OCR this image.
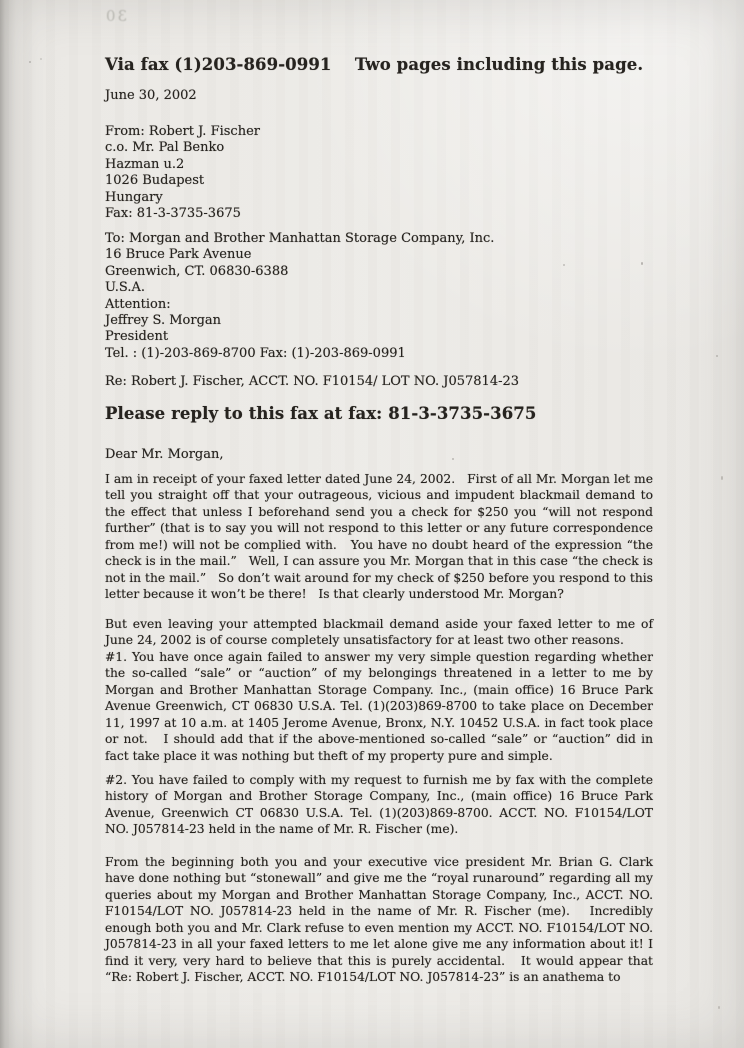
30
Via fax (1)203-869-0991    Two pages including this page.
June 30, 2002
From: Robert J. Fischer
c.o. Mr. Pal Benko
Hazman u.2
1026 Budapest
Hungary
Fax: 81-3-3735-3675
To: Morgan and Brother Manhattan Storage Company, Inc.
16 Bruce Park Avenue
Greenwich, CT. 06830-6388
U.S.A.
Attention:
Jeffrey S. Morgan
President
Tel. : (1)-203-869-8700 Fax: (1)-203-869-0991
Re: Robert J. Fischer, ACCT. NO. F10154/ LOT NO. J057814-23
Please reply to this fax at fax: 81-3-3735-3675
Dear Mr. Morgan,

I am in receipt of your faxed letter dated June 24, 2002.   First of all Mr. Morgan let me tell you straight off that your outrageous, vicious and impudent blackmail demand to the effect that unless I beforehand send you a check for $250 you “will not respond further” (that is to say you will not respond to this letter or any future correspondence from me!) will not be complied with.   You have no doubt heard of the expression “the check is in the mail.”   Well, I can assure you Mr. Morgan that in this case “the check is not in the mail.”   So don’t wait around for my check of $250 before you respond to this letter because it won’t be there!   Is that clearly understood Mr. Morgan?

But even leaving your attempted blackmail demand aside your faxed letter to me of June 24, 2002 is of course completely unsatisfactory for at least two other reasons.

#1. You have once again failed to answer my very simple question regarding whether the so-called “sale” or “auction” of my belongings threatened in a letter to me by Morgan and Brother Manhattan Storage Company. Inc., (main office) 16 Bruce Park Avenue Greenwich, CT 06830 U.S.A. Tel. (1)(203)869-8700 to take place on December 11, 1997 at 10 a.m. at 1405 Jerome Avenue, Bronx, N.Y. 10452 U.S.A. in fact took place or not.   I should add that if the above-mentioned so-called “sale” or “auction” did in fact take place it was nothing but theft of my property pure and simple.

#2. You have failed to comply with my request to furnish me by fax with the complete history of Morgan and Brother Storage Company, Inc., (main office) 16 Bruce Park Avenue, Greenwich CT 06830 U.S.A. Tel. (1)(203)869-8700. ACCT. NO. F10154/LOT NO. J057814-23 held in the name of Mr. R. Fischer (me).

From the beginning both you and your executive vice president Mr. Brian G. Clark have done nothing but “stonewall” and give me the “royal runaround” regarding all my queries about my Morgan and Brother Manhattan Storage Company, Inc., ACCT. NO. F10154/LOT NO. J057814-23 held in the name of Mr. R. Fischer (me).   Incredibly enough both you and Mr. Clark refuse to even mention my ACCT. NO. F10154/LOT NO. J057814-23 in all your faxed letters to me let alone give me any information about it! I find it very, very hard to believe that this is purely accidental.   It would appear that “Re: Robert J. Fischer, ACCT. NO. F10154/LOT NO. J057814-23” is an anathema to
